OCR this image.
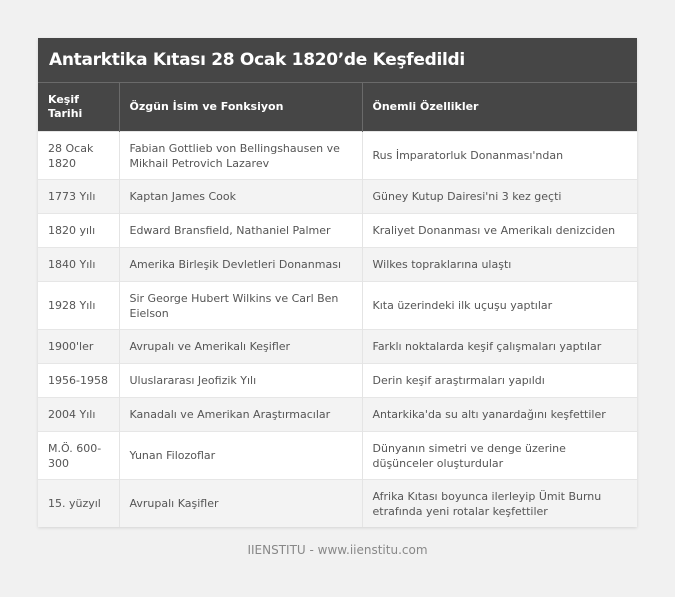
Antarktika Kıtası 28 Ocak 1820’de Keşfedildi
Keşif Tarihi	Özgün İsim ve Fonksiyon	Önemli Özellikler
28 Ocak 1820	Fabian Gottlieb von Bellingshausen ve Mikhail Petrovich Lazarev	Rus İmparatorluk Donanması'ndan
1773 Yılı	Kaptan James Cook	Güney Kutup Dairesi'ni 3 kez geçti
1820 yılı	Edward Bransfield, Nathaniel Palmer	Kraliyet Donanması ve Amerikalı denizciden
1840 Yılı	Amerika Birleşik Devletleri Donanması	Wilkes topraklarına ulaştı
1928 Yılı	Sir George Hubert Wilkins ve Carl Ben Eielson	Kıta üzerindeki ilk uçuşu yaptılar
1900'ler	Avrupalı ve Amerikalı Keşifler	Farklı noktalarda keşif çalışmaları yaptılar
1956-1958	Uluslararası Jeofizik Yılı	Derin keşif araştırmaları yapıldı
2004 Yılı	Kanadalı ve Amerikan Araştırmacılar	Antarkika'da su altı yanardağını keşfettiler
M.Ö. 600-300	Yunan Filozoflar	Dünyanın simetri ve denge üzerine düşünceler oluşturdular
15. yüzyıl	Avrupalı Kaşifler	Afrika Kıtası boyunca ilerleyip Ümit Burnu etrafında yeni rotalar keşfettiler
IIENSTITU - www.iienstitu.com
